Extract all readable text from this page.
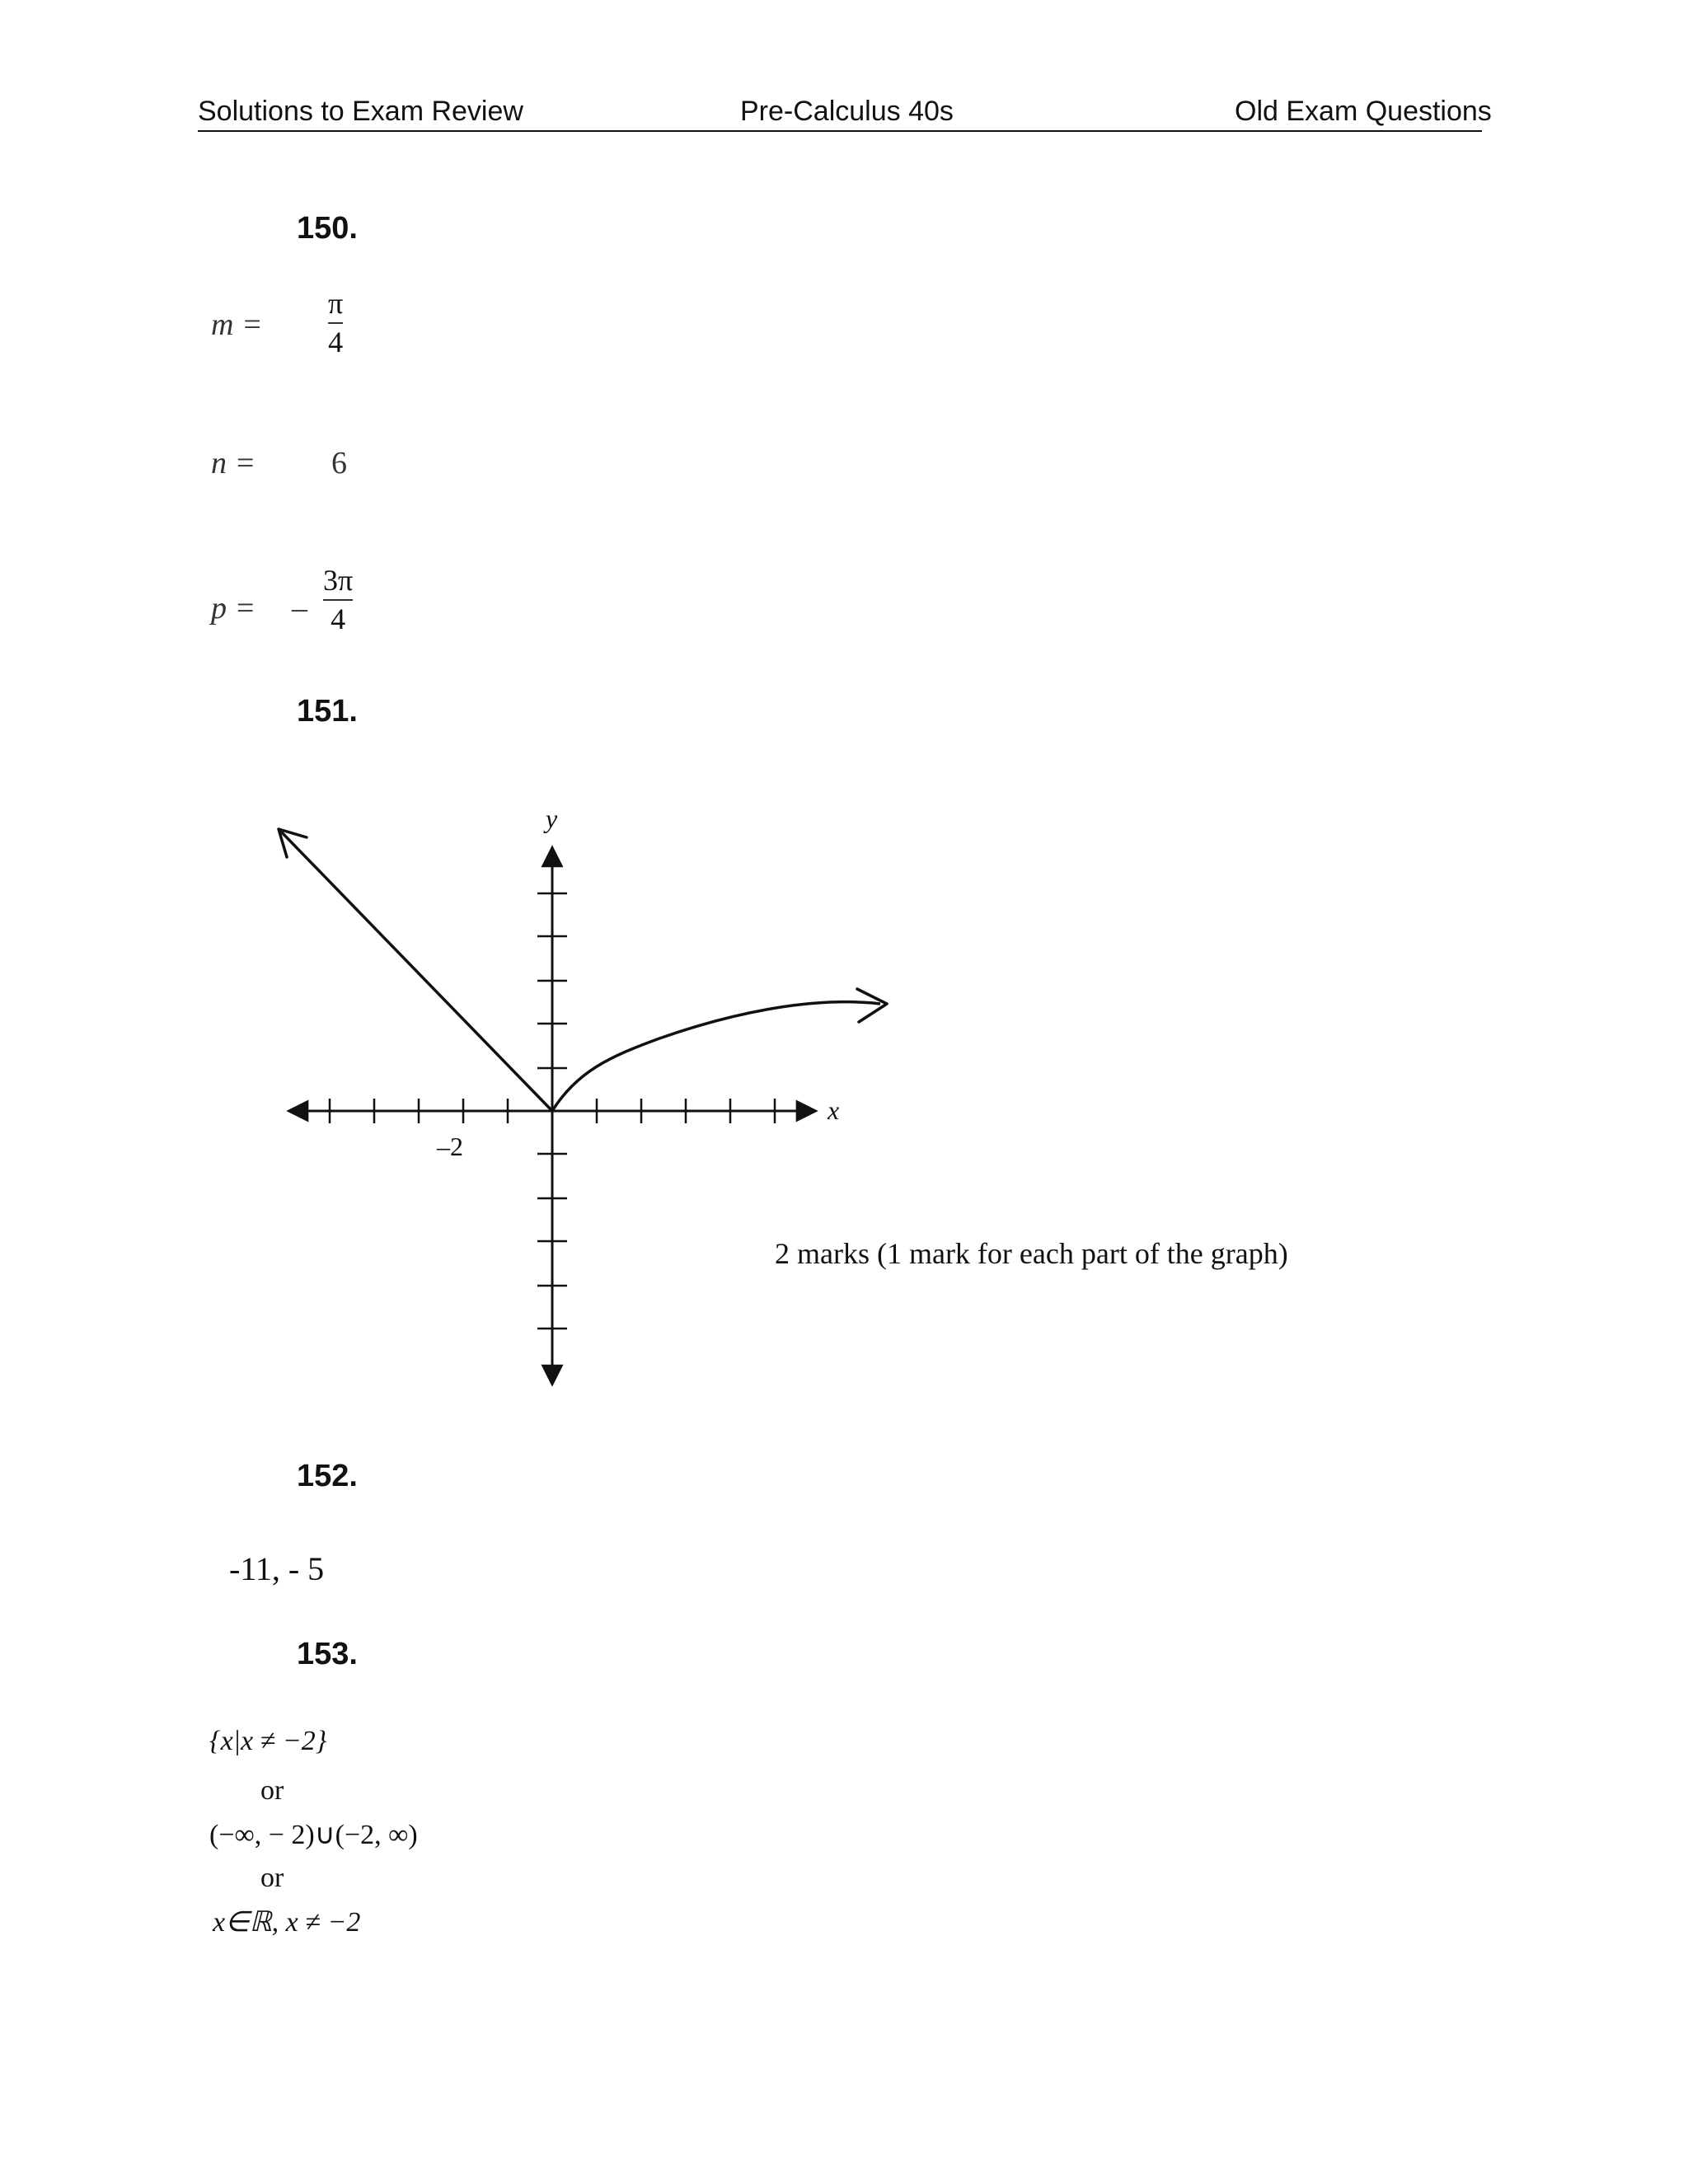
Solutions to Exam Review	Pre-Calculus 40s	Old Exam Questions
150.
m =
π
4
n = 6
p = –
3π
4
151.
x
y
–2
2 marks (1 mark for each part of the graph)
152.
-11, - 5
153.
{x|x ≠ −2}
or
(−∞, − 2)∪(−2, ∞)
or
x∈ℝ, x ≠ −2
